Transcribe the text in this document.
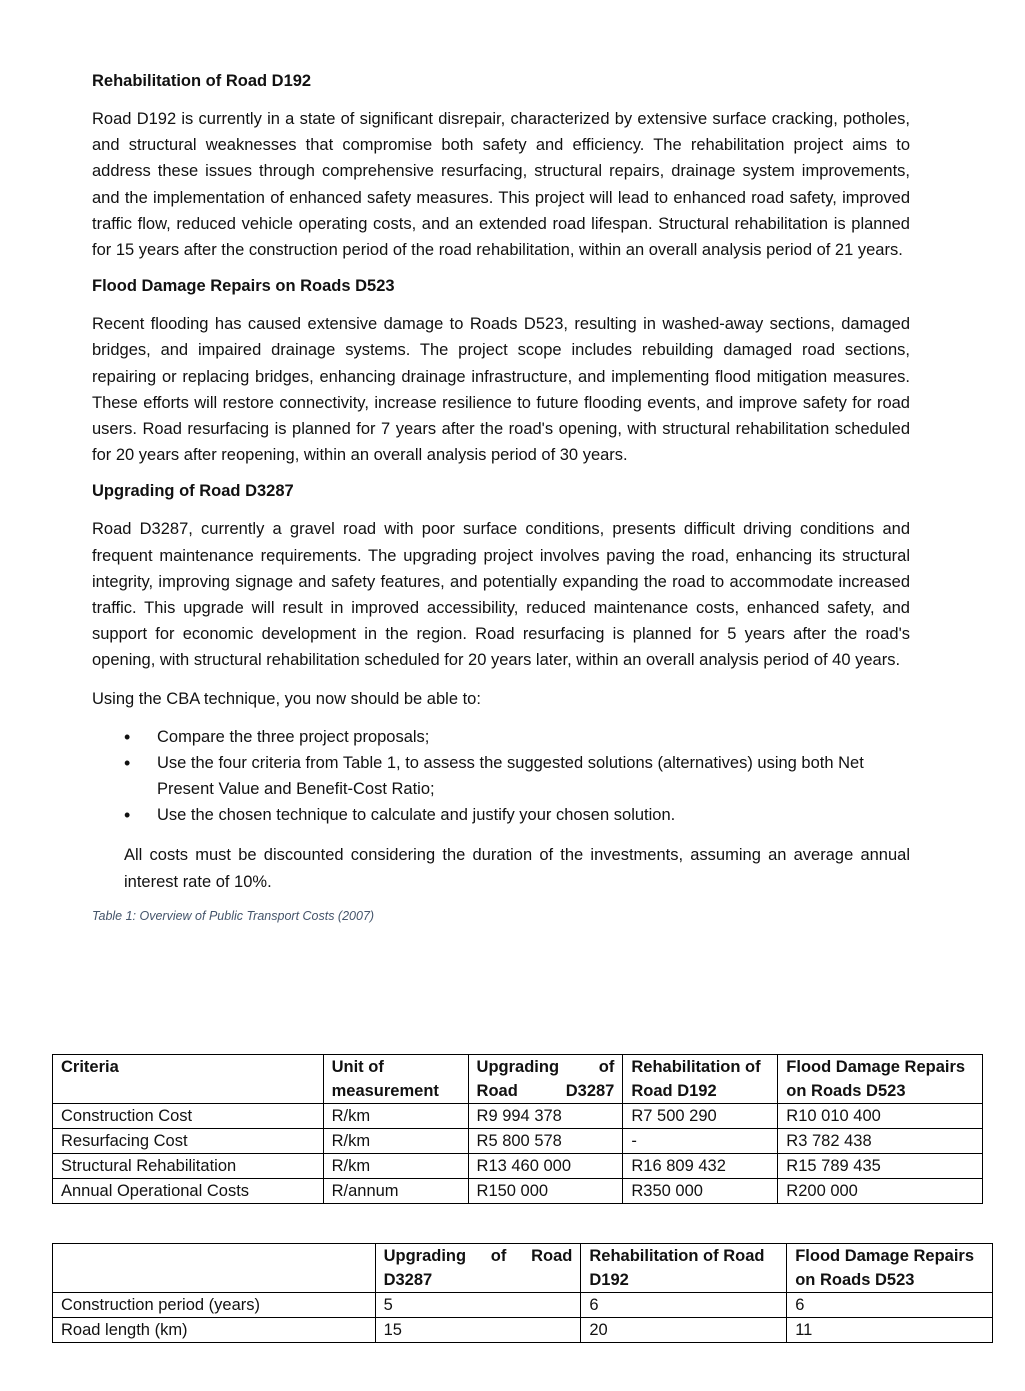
Rehabilitation of Road D192

Road D192 is currently in a state of significant disrepair, characterized by extensive surface cracking, potholes, and structural weaknesses that compromise both safety and efficiency. The rehabilitation project aims to address these issues through comprehensive resurfacing, structural repairs, drainage system improvements, and the implementation of enhanced safety measures. This project will lead to enhanced road safety, improved traffic flow, reduced vehicle operating costs, and an extended road lifespan. Structural rehabilitation is planned for 15 years after the construction period of the road rehabilitation, within an overall analysis period of 21 years.

Flood Damage Repairs on Roads D523

Recent flooding has caused extensive damage to Roads D523, resulting in washed-away sections, damaged bridges, and impaired drainage systems. The project scope includes rebuilding damaged road sections, repairing or replacing bridges, enhancing drainage infrastructure, and implementing flood mitigation measures. These efforts will restore connectivity, increase resilience to future flooding events, and improve safety for road users. Road resurfacing is planned for 7 years after the road's opening, with structural rehabilitation scheduled for 20 years after reopening, within an overall analysis period of 30 years.

Upgrading of Road D3287

Road D3287, currently a gravel road with poor surface conditions, presents difficult driving conditions and frequent maintenance requirements. The upgrading project involves paving the road, enhancing its structural integrity, improving signage and safety features, and potentially expanding the road to accommodate increased traffic. This upgrade will result in improved accessibility, reduced maintenance costs, enhanced safety, and support for economic development in the region. Road resurfacing is planned for 5 years after the road's opening, with structural rehabilitation scheduled for 20 years later, within an overall analysis period of 40 years.

Using the CBA technique, you now should be able to:

• Compare the three project proposals;
• Use the four criteria from Table 1, to assess the suggested solutions (alternatives) using both Net Present Value and Benefit-Cost Ratio;
• Use the chosen technique to calculate and justify your chosen solution.

All costs must be discounted considering the duration of the investments, assuming an average annual interest rate of 10%.

Table 1: Overview of Public Transport Costs (2007)

Criteria	Unit of measurement	Upgrading of Road D3287	Rehabilitation of Road D192	Flood Damage Repairs on Roads D523
Construction Cost	R/km	R9 994 378	R7 500 290	R10 010 400
Resurfacing Cost	R/km	R5 800 578	-	R3 782 438
Structural Rehabilitation	R/km	R13 460 000	R16 809 432	R15 789 435
Annual Operational Costs	R/annum	R150 000	R350 000	R200 000
	Upgrading of Road D3287	Rehabilitation of Road D192	Flood Damage Repairs on Roads D523
Construction period (years)	5	6	6
Road length (km)	15	20	11
